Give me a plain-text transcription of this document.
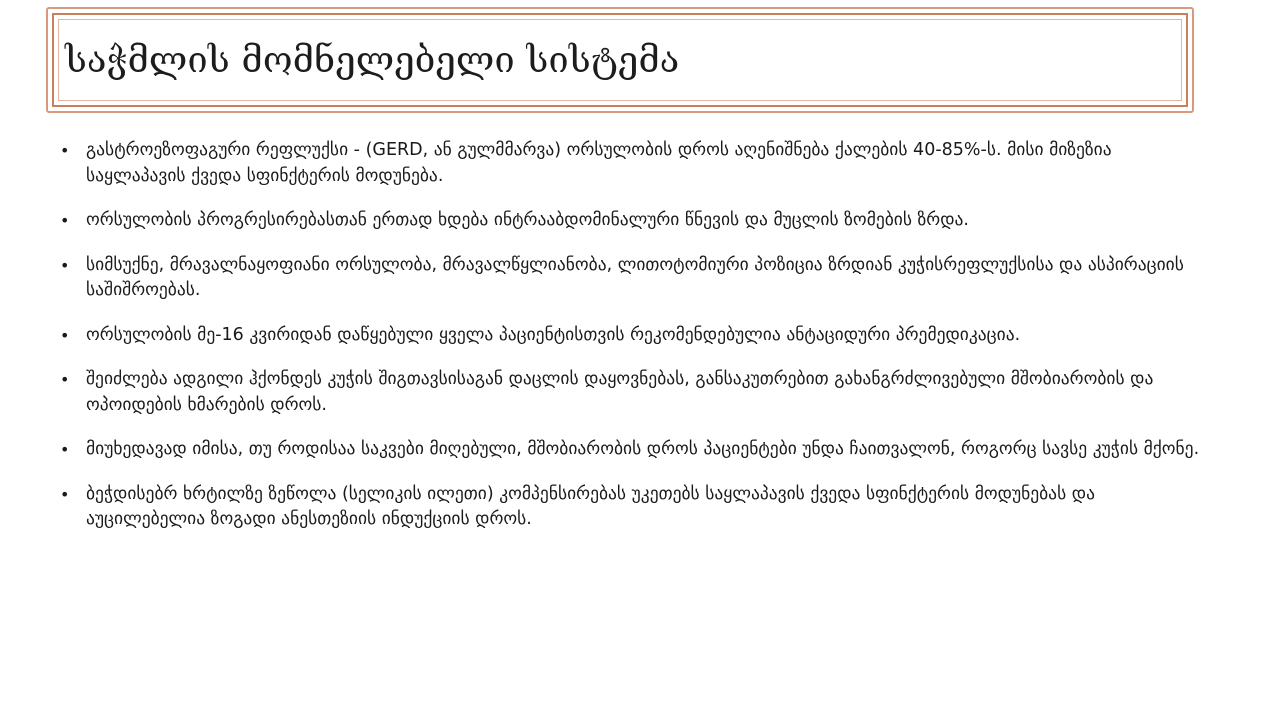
საჭმლის მომნელებელი სისტემა
• გასტროეზოფაგური რეფლუქსი - (GERD, ან გულმმარვა) ორსულობის დროს აღენიშნება ქალების 40-85%-ს. მისი მიზეზია საყლაპავის ქვედა სფინქტერის მოდუნება.
• ორსულობის პროგრესირებასთან ერთად ხდება ინტრააბდომინალური წნევის და მუცლის ზომების ზრდა.
• სიმსუქნე, მრავალნაყოფიანი ორსულობა, მრავალწყლიანობა, ლითოტომიური პოზიცია ზრდიან კუჭისრეფლუქსისა და ასპირაციის საშიშროებას.
• ორსულობის მე-16 კვირიდან დაწყებული ყველა პაციენტისთვის რეკომენდებულია ანტაციდური პრემედიკაცია.
• შეიძლება ადგილი ჰქონდეს კუჭის შიგთავსისაგან დაცლის დაყოვნებას, განსაკუთრებით გახანგრძლივებული მშობიარობის და ოპოიდების ხმარების დროს.
• მიუხედავად იმისა, თუ როდისაა საკვები მიღებული, მშობიარობის დროს პაციენტები უნდა ჩაითვალონ, როგორც სავსე კუჭის მქონე.
• ბეჭდისებრ ხრტილზე ზეწოლა (სელიკის ილეთი) კომპენსირებას უკეთებს საყლაპავის ქვედა სფინქტერის მოდუნებას და აუცილებელია ზოგადი ანესთეზიის ინდუქციის დროს.
